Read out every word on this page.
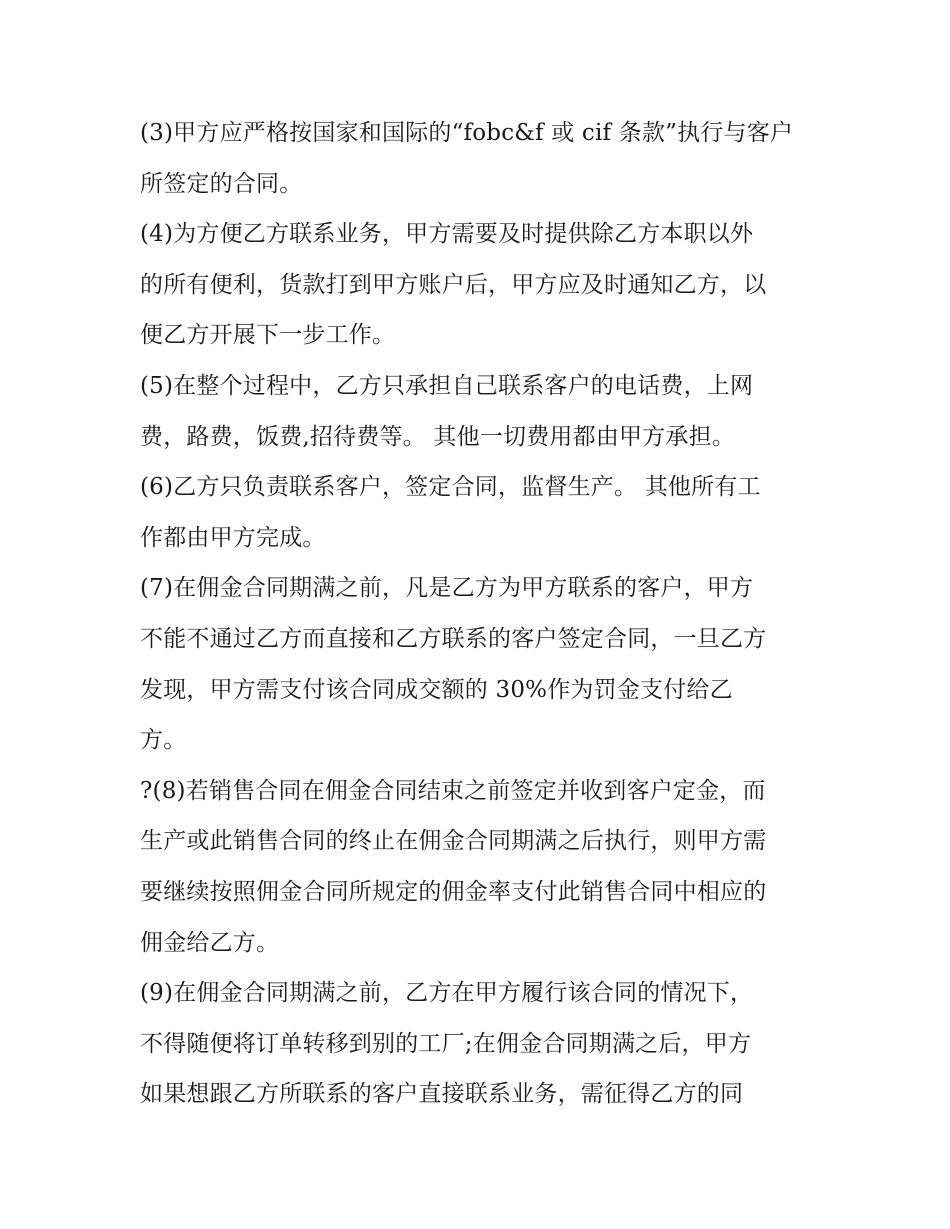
(3)甲方应严格按国家和国际的“fobc&f 或 cif 条款”执行与客户
所签定的合同。
(4)为方便乙方联系业务，甲方需要及时提供除乙方本职以外
的所有便利，货款打到甲方账户后，甲方应及时通知乙方，以
便乙方开展下一步工作。
(5)在整个过程中，乙方只承担自己联系客户的电话费，上网
费，路费，饭费,招待费等。 其他一切费用都由甲方承担。
(6)乙方只负责联系客户，签定合同，监督生产。 其他所有工
作都由甲方完成。
(7)在佣金合同期满之前，凡是乙方为甲方联系的客户，甲方
不能不通过乙方而直接和乙方联系的客户签定合同，一旦乙方
发现，甲方需支付该合同成交额的 30%作为罚金支付给乙
方。
?(8)若销售合同在佣金合同结束之前签定并收到客户定金，而
生产或此销售合同的终止在佣金合同期满之后执行，则甲方需
要继续按照佣金合同所规定的佣金率支付此销售合同中相应的
佣金给乙方。
(9)在佣金合同期满之前，乙方在甲方履行该合同的情况下，
不得随便将订单转移到别的工厂;在佣金合同期满之后，甲方
如果想跟乙方所联系的客户直接联系业务，需征得乙方的同
